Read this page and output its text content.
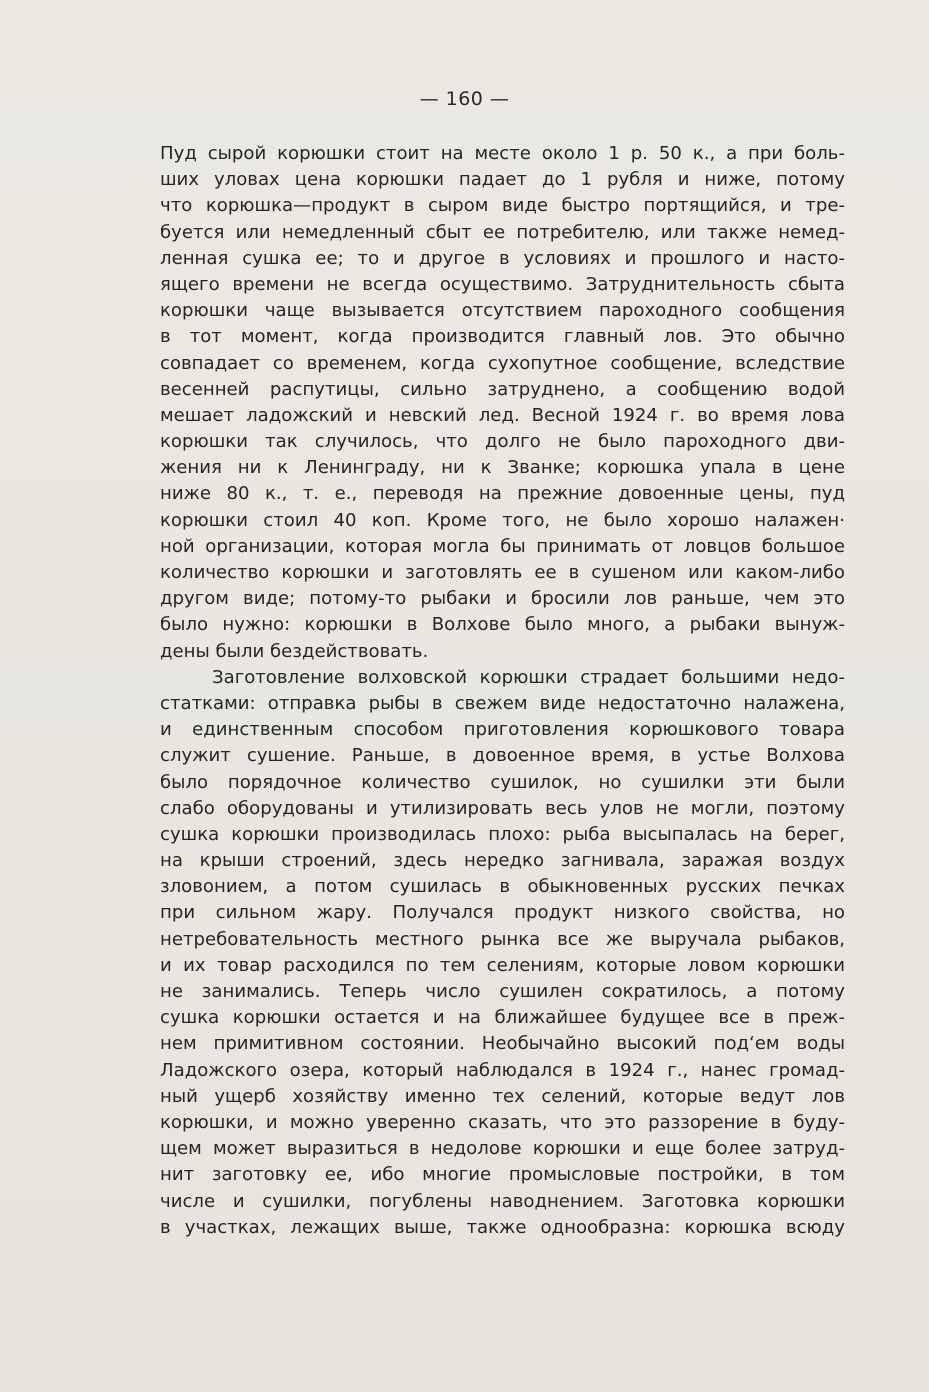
— 160 —
Пуд сырой корюшки стоит на месте около 1 р. 50 к., а при боль-
ших уловах цена корюшки падает до 1 рубля и ниже, потому
что корюшка—продукт в сыром виде быстро портящийся, и тре-
буется или немедленный сбыт ее потребителю, или также немед-
ленная сушка ее; то и другое в условиях и прошлого и насто-
ящего времени не всегда осуществимо. Затруднительность сбыта
корюшки чаще вызывается отсутствием пароходного сообщения
в тот момент, когда производится главный лов. Это обычно
совпадает со временем, когда сухопутное сообщение, вследствие
весенней распутицы, сильно затруднено, а сообщению водой
мешает ладожский и невский лед. Весной 1924 г. во время лова
корюшки так случилось, что долго не было пароходного дви-
жения ни к Ленинграду, ни к Званке; корюшка упала в цене
ниже 80 к., т. е., переводя на прежние довоенные цены, пуд
корюшки стоил 40 коп. Кроме того, не было хорошо налажен·
ной организации, которая могла бы принимать от ловцов большое
количество корюшки и заготовлять ее в сушеном или каком-либо
другом виде; потому-то рыбаки и бросили лов раньше, чем это
было нужно: корюшки в Волхове было много, а рыбаки вынуж-
дены были бездействовать.
Заготовление волховской корюшки страдает большими недо-
статками: отправка рыбы в свежем виде недостаточно налажена,
и единственным способом приготовления корюшкового товара
служит сушение. Раньше, в довоенное время, в устье Волхова
было порядочное количество сушилок, но сушилки эти были
слабо оборудованы и утилизировать весь улов не могли, поэтому
сушка корюшки производилась плохо: рыба высыпалась на берег,
на крыши строений, здесь нередко загнивала, заражая воздух
зловонием, а потом сушилась в обыкновенных русских печках
при сильном жару. Получался продукт низкого свойства, но
нетребовательность местного рынка все же выручала рыбаков,
и их товар расходился по тем селениям, которые ловом корюшки
не занимались. Теперь число сушилен сократилось, а потому
сушка корюшки остается и на ближайшее будущее все в преж-
нем примитивном состоянии. Необычайно высокий под‘ем воды
Ладожского озера, который наблюдался в 1924 г., нанес громад-
ный ущерб хозяйству именно тех селений, которые ведут лов
корюшки, и можно уверенно сказать, что это раззорение в буду-
щем может выразиться в недолове корюшки и еще более затруд-
нит заготовку ее, ибо многие промысловые постройки, в том
числе и сушилки, погублены наводнением. Заготовка корюшки
в участках, лежащих выше, также однообразна: корюшка всюду
